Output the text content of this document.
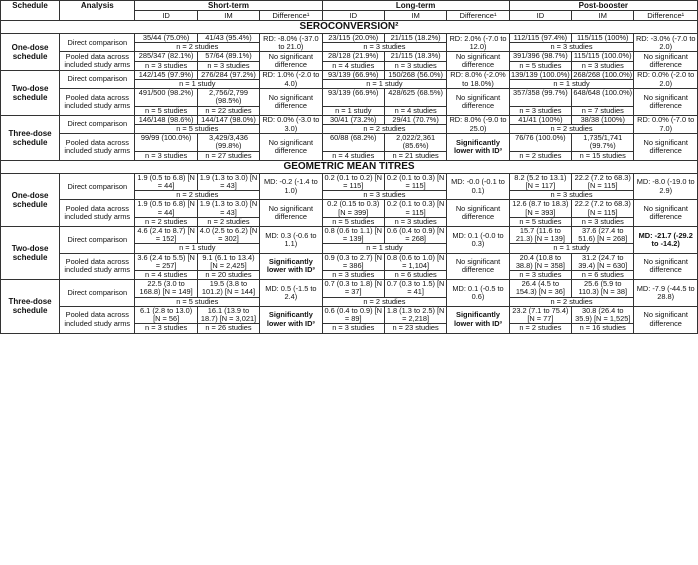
Schedule	Analysis	Short-term			Long-term			Post-booster		
		ID	IM	Difference¹	ID	IM	Difference¹	ID	IM	Difference¹
SEROCONVERSION²										
One-dose schedule	Direct comparison	35/44 (75.0%)	41/43 (95.4%)	RD: -8.0% (-37.0 to 21.0)	23/115 (20.0%)	21/115 (18.2%)	RD: 2.0% (-7.0 to 12.0)	112/115 (97.4%)	115/115 (100%)	RD: -3.0% (-7.0 to 2.0)
		n = 2 studies			n = 3 studies			n = 3 studies		
	Pooled data across included study arms	285/347 (82.1%)	57/64 (89.1%)	No significant difference	28/128 (21.9%)	21/115 (18.3%)	No significant difference	391/396 (98.7%)	115/115 (100.0%)	No significant difference
		n = 3 studies	n = 3 studies		n = 4 studies	n = 3 studies		n = 5 studies	n = 3 studies	
Two-dose schedule	Direct comparison	142/145 (97.9%)	276/284 (97.2%)	RD: 1.0% (-2.0 to 4.0)	93/139 (66.9%)	150/268 (56.0%)	RD: 8.0% (-2.0% to 18.0%)	139/139 (100.0%)	268/268 (100.0%)	RD: 0.0% (-2.0 to 2.0)
		n = 1 study			n = 1 study			n = 1 study		
	Pooled data across included study arms	491/500 (98.2%)	2,756/2,799 (98.5%)	No significant difference	93/139 (66.9%)	428/625 (68.5%)	No significant difference	357/358 (99.7%)	648/648 (100.0%)	No significant difference
		n = 5 studies	n = 22 studies		n = 1 study	n = 4 studies		n = 3 studies	n = 7 studies	
Three-dose schedule	Direct comparison	146/148 (98.6%)	144/147 (98.0%)	RD: 0.0% (-3.0 to 3.0)	30/41 (73.2%)	29/41 (70.7%)	RD: 8.0% (-9.0 to 25.0)	41/41 (100%)	38/38 (100%)	RD: 0.0% (-7.0 to 7.0)
		n = 5 studies			n = 2 studies			n = 2 studies		
	Pooled data across included study arms	99/99 (100.0%)	3,429/3,436 (99.8%)	No significant difference	60/88 (68.2%)	2,022/2,361 (85.6%)	Significantly lower with ID³	76/76 (100.0%)	1,735/1,741 (99.7%)	No significant difference
		n = 3 studies	n = 27 studies		n = 4 studies	n = 21 studies		n = 2 studies	n = 15 studies	
GEOMETRIC MEAN TITRES										
One-dose schedule	Direct comparison	1.9 (0.5 to 6.8) [N = 44]	1.9 (1.3 to 3.0) [N = 43]	MD: -0.2 (-1.4 to 1.0)	0.2 (0.1 to 0.2) [N = 115]	0.2 (0.1 to 0.3) [N = 115]	MD: -0.0 (-0.1 to 0.1)	8.2 (5.2 to 13.1) [N = 117]	22.2 (7.2 to 68.3) [N = 115]	MD: -8.0 (-19.0 to 2.9)
		n = 2 studies			n = 3 studies			n = 3 studies		
	Pooled data across included study arms	1.9 (0.5 to 6.8) [N = 44]	1.9 (1.3 to 3.0) [N = 43]	No significant difference	0.2 (0.15 to 0.3) [N = 399]	0.2 (0.1 to 0.3) [N = 115]	No significant difference	12.6 (8.7 to 18.3) [N = 393]	22.2 (7.2 to 68.3) [N = 115]	No significant difference
		n = 2 studies	n = 2 studies		n = 5 studies	n = 3 studies		n = 5 studies	n = 3 studies	
Two-dose schedule	Direct comparison	4.6 (2.4 to 8.7) [N = 152]	4.0 (2.5 to 6.2) [N = 302]	MD: 0.3 (-0.6 to 1.1)	0.8 (0.6 to 1.1) [N = 139]	0.6 (0.4 to 0.9) [N = 268]	MD: 0.1 (-0.0 to 0.3)	15.7 (11.6 to 21.3) [N = 139]	37.6 (27.4 to 51.6) [N = 268]	MD: -21.7 (-29.2 to -14.2)
		n = 1 study			n = 1 study			n = 1 study		
	Pooled data across included study arms	3.6 (2.4 to 5.5) [N = 257]	9.1 (6.1 to 13.4) [N = 2,425]	Significantly lower with ID³	0.9 (0.3 to 2.7) [N = 386]	0.8 (0.6 to 1.0) [N = 1,104]	No significant difference	20.4 (10.8 to 38.8) [N = 358]	31.2 (24.7 to 39.4) [N = 630]	No significant difference
		n = 4 studies	n = 20 studies		n = 3 studies	n = 6 studies		n = 3 studies	n = 6 studies	
Three-dose schedule	Direct comparison	22.5 (3.0 to 168.8) [N = 149]	19.5 (3.8 to 101.2) [N = 144]	MD: 0.5 (-1.5 to 2.4)	0.7 (0.3 to 1.8) [N = 37]	0.7 (0.3 to 1.5) [N = 41]	MD: 0.1 (-0.5 to 0.6)	26.4 (4.5 to 154.3) [N = 36]	25.6 (5.9 to 110.3) [N = 38]	MD: -7.9 (-44.5 to 28.8)
		n = 5 studies			n = 2 studies			n = 2 studies		
	Pooled data across included study arms	6.1 (2.8 to 13.0) [N = 56]	16.1 (13.9 to 18.7) [N = 3,021]	Significantly lower with ID³	0.6 (0.4 to 0.9) [N = 89]	1.8 (1.3 to 2.5) [N = 2,218]	Significantly lower with ID³	23.2 (7.1 to 75.4) [N = 77]	30.8 (26.4 to 35.9) [N = 1,525]	No significant difference
		n = 3 studies	n = 26 studies		n = 3 studies	n = 23 studies		n = 2 studies	n = 16 studies	
